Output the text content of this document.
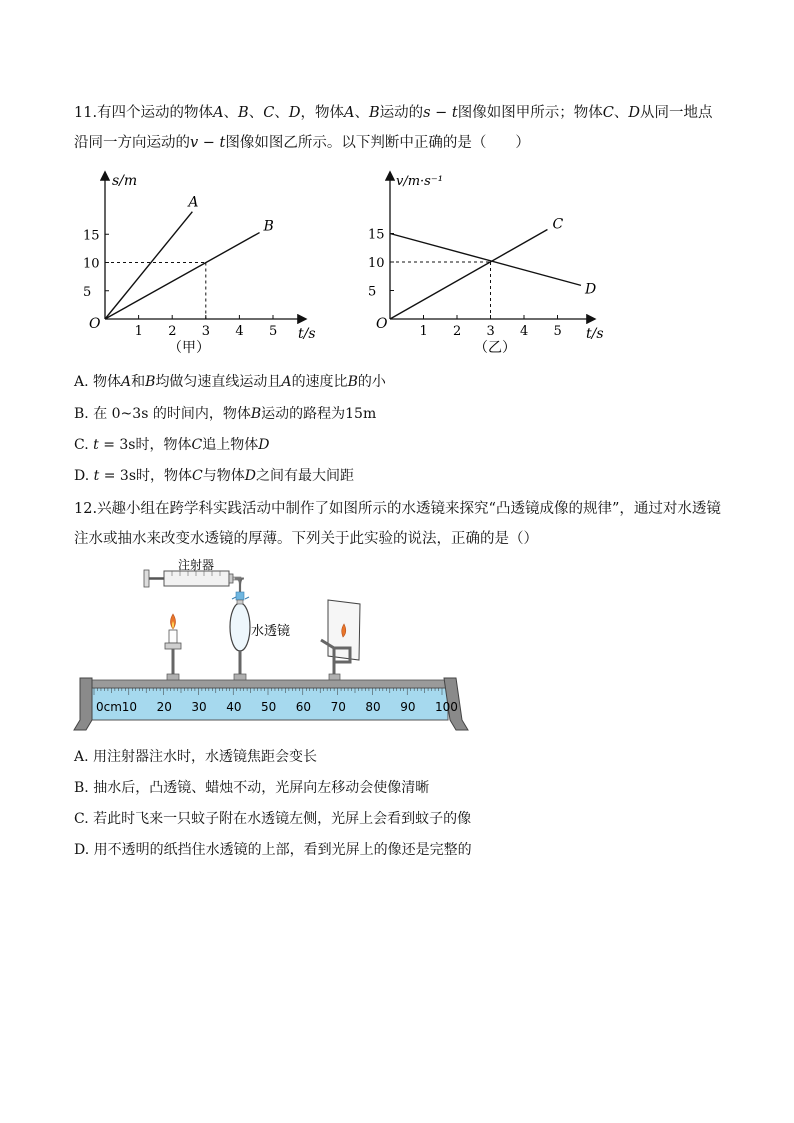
11.有四个运动的物体A、B、C、D，物体A、B运动的s − t图像如图甲所示；物体C、D从同一地点沿同一方向运动的v − t图像如图乙所示。以下判断中正确的是（　　）
1 2 3 4 5
5
10
15
A
B
s/m
t/s
O
（甲）
1 2 3 4 5
5
10
15
C
D
v/m·s⁻¹
t/s
O
（乙）
A. 物体A和B均做匀速直线运动且A的速度比B的小
B. 在 0~3s 的时间内，物体B运动的路程为15m
C. t = 3s时，物体C追上物体D
D. t = 3s时，物体C与物体D之间有最大间距
12.兴趣小组在跨学科实践活动中制作了如图所示的水透镜来探究“凸透镜成像的规律”，通过对水透镜注水或抽水来改变水透镜的厚薄。下列关于此实验的说法，正确的是（）
注射器
水透镜
0cm 10 20 30 40 50 60 70 80 90 100
A. 用注射器注水时，水透镜焦距会变长
B. 抽水后，凸透镜、蜡烛不动，光屏向左移动会使像清晰
C. 若此时飞来一只蚊子附在水透镜左侧，光屏上会看到蚊子的像
D. 用不透明的纸挡住水透镜的上部，看到光屏上的像还是完整的
